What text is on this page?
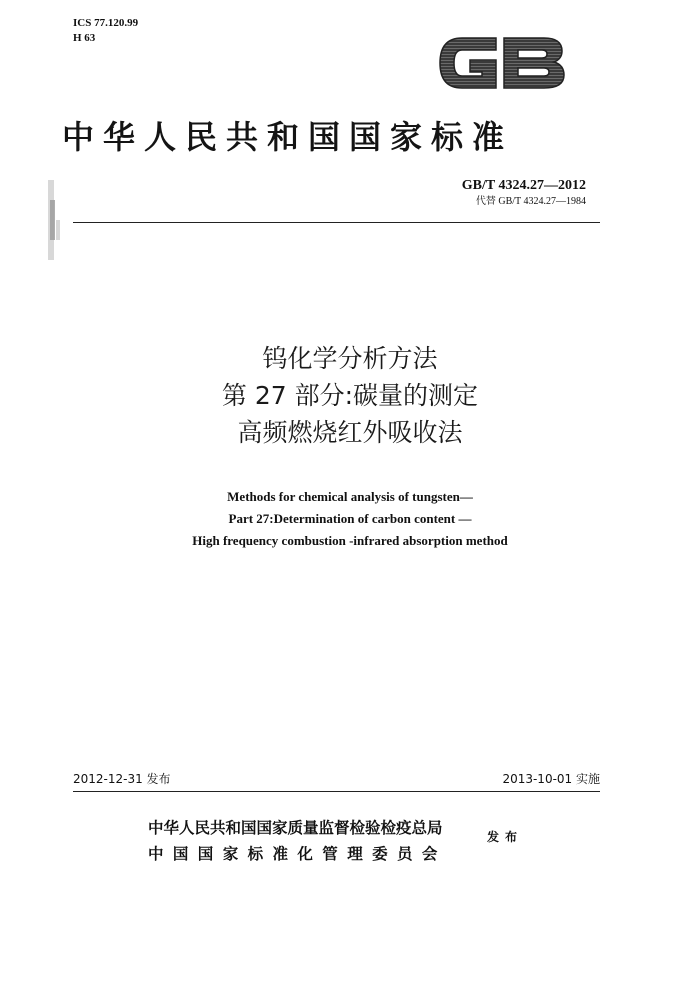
ICS 77.120.99
H 63
中华人民共和国国家标准
GB/T 4324.27—2012
代替 GB/T 4324.27—1984
钨化学分析方法
第 27 部分:碳量的测定
高频燃烧红外吸收法
Methods for chemical analysis of tungsten—
Part 27:Determination of carbon content —
High frequency combustion -infrared absorption method
2012-12-31 发布	2013-10-01 实施
中华人民共和国国家质量监督检验检疫总局
中国国家标准化管理委员会
发布
